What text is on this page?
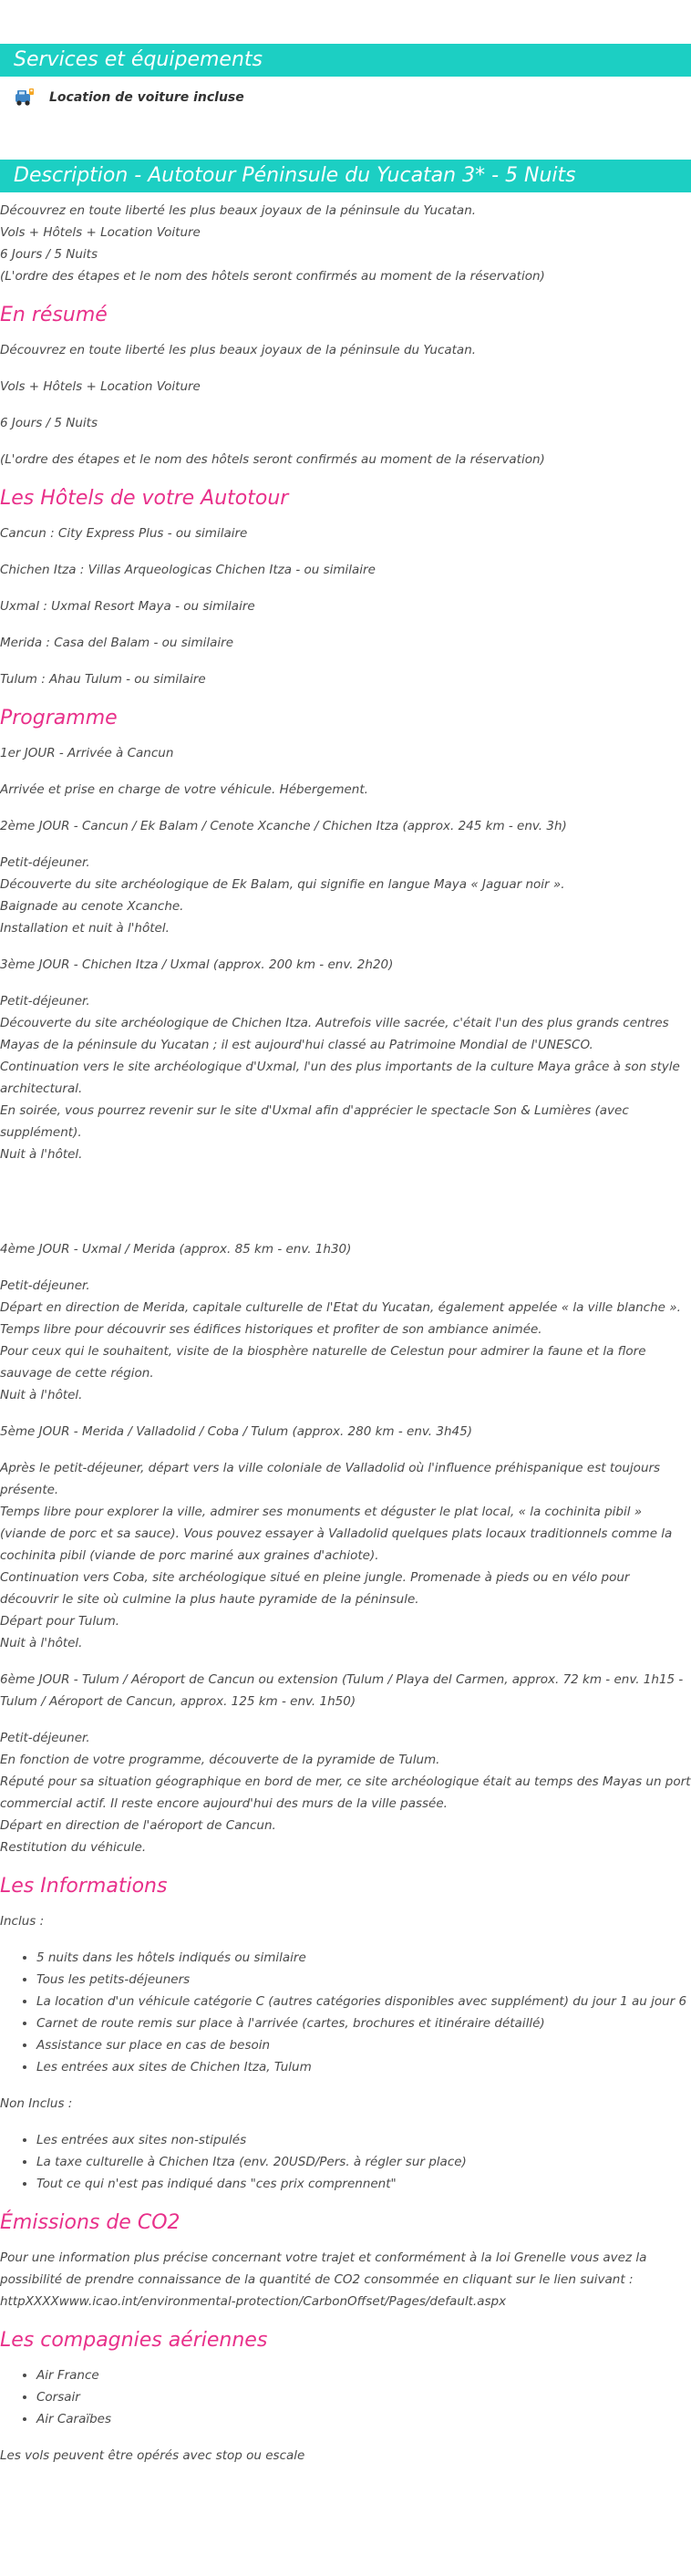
Services et équipements
Location de voiture incluse
Description - Autotour Péninsule du Yucatan 3* - 5 Nuits

Découvrez en toute liberté les plus beaux joyaux de la péninsule du Yucatan.

Vols + Hôtels + Location Voiture

6 Jours / 5 Nuits

(L'ordre des étapes et le nom des hôtels seront confirmés au moment de la réservation)

En résumé

Découvrez en toute liberté les plus beaux joyaux de la péninsule du Yucatan.

Vols + Hôtels + Location Voiture

6 Jours / 5 Nuits

(L'ordre des étapes et le nom des hôtels seront confirmés au moment de la réservation)

Les Hôtels de votre Autotour

Cancun : City Express Plus - ou similaire

Chichen Itza : Villas Arqueologicas Chichen Itza - ou similaire

Uxmal : Uxmal Resort Maya - ou similaire

Merida : Casa del Balam - ou similaire

Tulum : Ahau Tulum - ou similaire

Programme

1er JOUR - Arrivée à Cancun

Arrivée et prise en charge de votre véhicule. Hébergement.

2ème JOUR - Cancun / Ek Balam / Cenote Xcanche / Chichen Itza (approx. 245 km - env. 3h)

Petit-déjeuner.

Découverte du site archéologique de Ek Balam, qui signifie en langue Maya « Jaguar noir ».

Baignade au cenote Xcanche.

Installation et nuit à l'hôtel.

3ème JOUR - Chichen Itza / Uxmal (approx. 200 km - env. 2h20)

Petit-déjeuner.

Découverte du site archéologique de Chichen Itza. Autrefois ville sacrée, c'était l'un des plus grands centres Mayas de la péninsule du Yucatan ; il est aujourd'hui classé au Patrimoine Mondial de l'UNESCO.

Continuation vers le site archéologique d'Uxmal, l'un des plus importants de la culture Maya grâce à son style architectural.

En soirée, vous pourrez revenir sur le site d'Uxmal afin d'apprécier le spectacle Son & Lumières (avec supplément).

Nuit à l'hôtel.

4ème JOUR - Uxmal / Merida (approx. 85 km - env. 1h30)

Petit-déjeuner.

Départ en direction de Merida, capitale culturelle de l'Etat du Yucatan, également appelée « la ville blanche ».

Temps libre pour découvrir ses édifices historiques et profiter de son ambiance animée.

Pour ceux qui le souhaitent, visite de la biosphère naturelle de Celestun pour admirer la faune et la flore sauvage de cette région.

Nuit à l'hôtel.

5ème JOUR - Merida / Valladolid / Coba / Tulum (approx. 280 km - env. 3h45)

Après le petit-déjeuner, départ vers la ville coloniale de Valladolid où l'influence préhispanique est toujours présente.

Temps libre pour explorer la ville, admirer ses monuments et déguster le plat local, « la cochinita pibil » (viande de porc et sa sauce). Vous pouvez essayer à Valladolid quelques plats locaux traditionnels comme la cochinita pibil (viande de porc mariné aux graines d'achiote).

Continuation vers Coba, site archéologique situé en pleine jungle. Promenade à pieds ou en vélo pour découvrir le site où culmine la plus haute pyramide de la péninsule.

Départ pour Tulum.

Nuit à l'hôtel.

6ème JOUR - Tulum / Aéroport de Cancun ou extension (Tulum / Playa del Carmen, approx. 72 km - env. 1h15 - Tulum / Aéroport de Cancun, approx. 125 km - env. 1h50)

Petit-déjeuner.

En fonction de votre programme, découverte de la pyramide de Tulum.

Réputé pour sa situation géographique en bord de mer, ce site archéologique était au temps des Mayas un port commercial actif. Il reste encore aujourd'hui des murs de la ville passée.

Départ en direction de l'aéroport de Cancun.

Restitution du véhicule.

Les Informations

Inclus :

• 5 nuits dans les hôtels indiqués ou similaire
• Tous les petits-déjeuners
• La location d'un véhicule catégorie C (autres catégories disponibles avec supplément) du jour 1 au jour 6
• Carnet de route remis sur place à l'arrivée (cartes, brochures et itinéraire détaillé)
• Assistance sur place en cas de besoin
• Les entrées aux sites de Chichen Itza, Tulum

Non Inclus :

• Les entrées aux sites non-stipulés
• La taxe culturelle à Chichen Itza (env. 20USD/Pers. à régler sur place)
• Tout ce qui n'est pas indiqué dans "ces prix comprennent"
Émissions de CO2

Pour une information plus précise concernant votre trajet et conformément à la loi Grenelle vous avez la possibilité de prendre connaissance de la quantité de CO2 consommée en cliquant sur le lien suivant :

httpXXXXwww.icao.int/environmental-protection/CarbonOffset/Pages/default.aspx

Les compagnies aériennes
• Air France
• Corsair
• Air Caraïbes

Les vols peuvent être opérés avec stop ou escale
